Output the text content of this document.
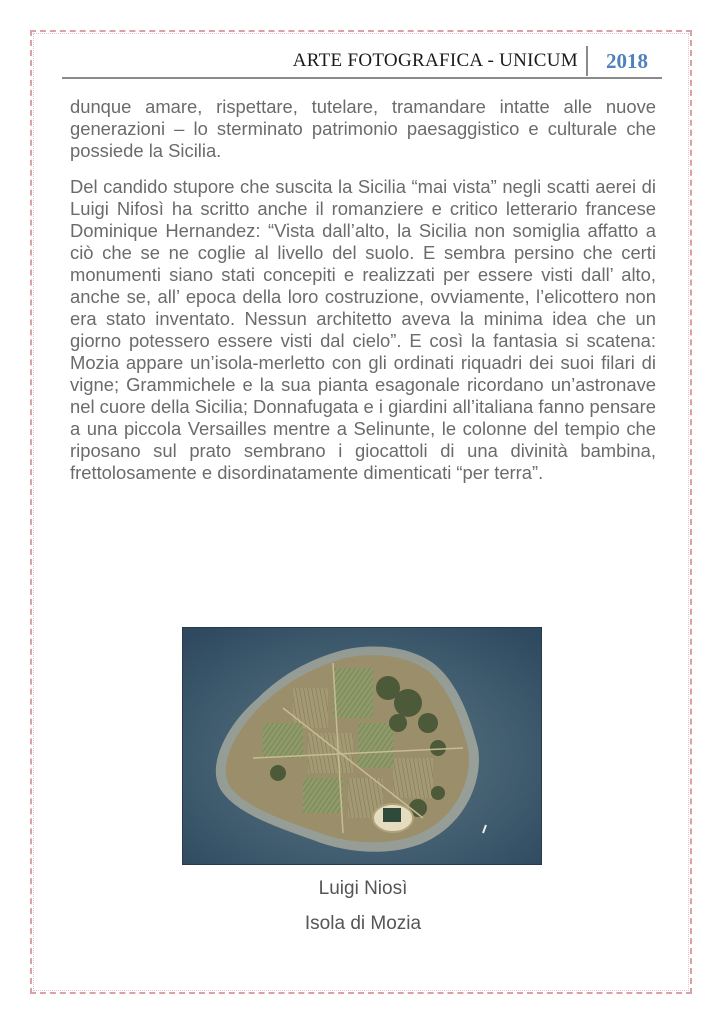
ARTE FOTOGRAFICA - UNICUM 2018

dunque amare, rispettare, tutelare, tramandare intatte alle nuove generazioni – lo sterminato patrimonio paesaggistico e culturale che possiede la Sicilia.

Del candido stupore che suscita la Sicilia “mai vista” negli scatti aerei di Luigi Nifosì ha scritto anche il romanziere e critico letterario francese Dominique Hernandez: “Vista dall’alto, la Sicilia non somiglia affatto a ciò che se ne coglie al livello del suolo. E sembra persino che certi monumenti siano stati concepiti e realizzati per essere visti dall’ alto, anche se, all’ epoca della loro costruzione, ovviamente, l’elicottero non era stato inventato. Nessun architetto aveva la minima idea che un giorno potessero essere visti dal cielo”. E così la fantasia si scatena: Mozia appare un’isola-merletto con gli ordinati riquadri dei suoi filari di vigne; Grammichele e la sua pianta esagonale ricordano un’astronave nel cuore della Sicilia; Donnafugata e i giardini all’italiana fanno pensare a una piccola Versailles mentre a Selinunte, le colonne del tempio che riposano sul prato sembrano i giocattoli di una divinità bambina, frettolosamente e disordinatamente dimenticati “per terra”.

Luigi Niosì
Isola di Mozia
